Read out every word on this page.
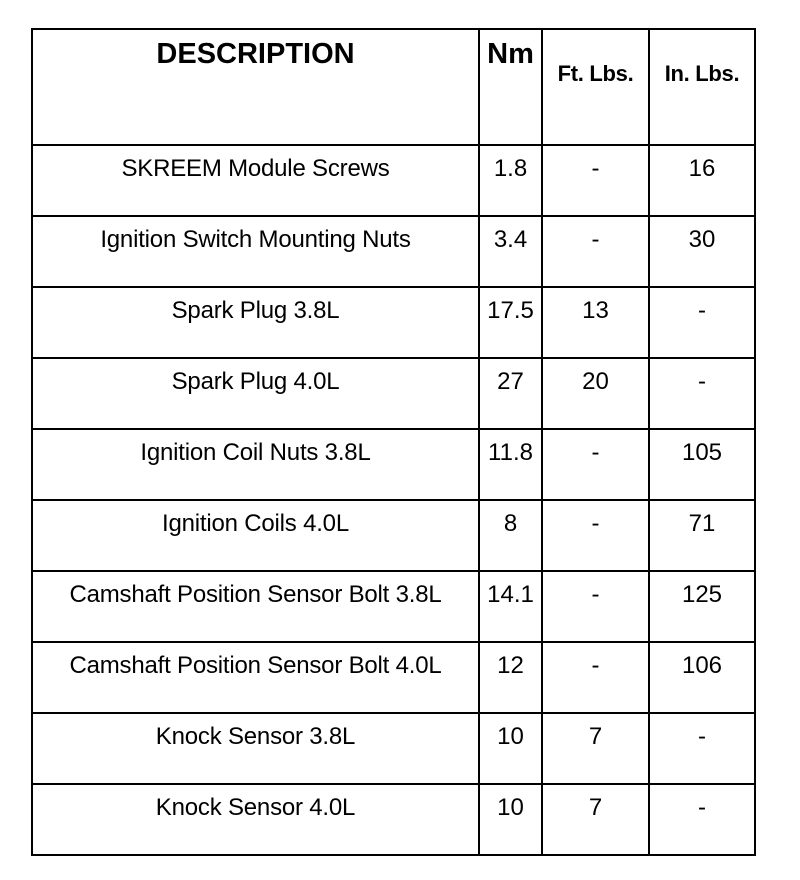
DESCRIPTION	Nm	Ft. Lbs.	In. Lbs.
SKREEM Module Screws	1.8	-	16
Ignition Switch Mounting Nuts	3.4	-	30
Spark Plug 3.8L	17.5	13	-
Spark Plug 4.0L	27	20	-
Ignition Coil Nuts 3.8L	11.8	-	105
Ignition Coils 4.0L	8	-	71
Camshaft Position Sensor Bolt 3.8L	14.1	-	125
Camshaft Position Sensor Bolt 4.0L	12	-	106
Knock Sensor 3.8L	10	7	-
Knock Sensor 4.0L	10	7	-
